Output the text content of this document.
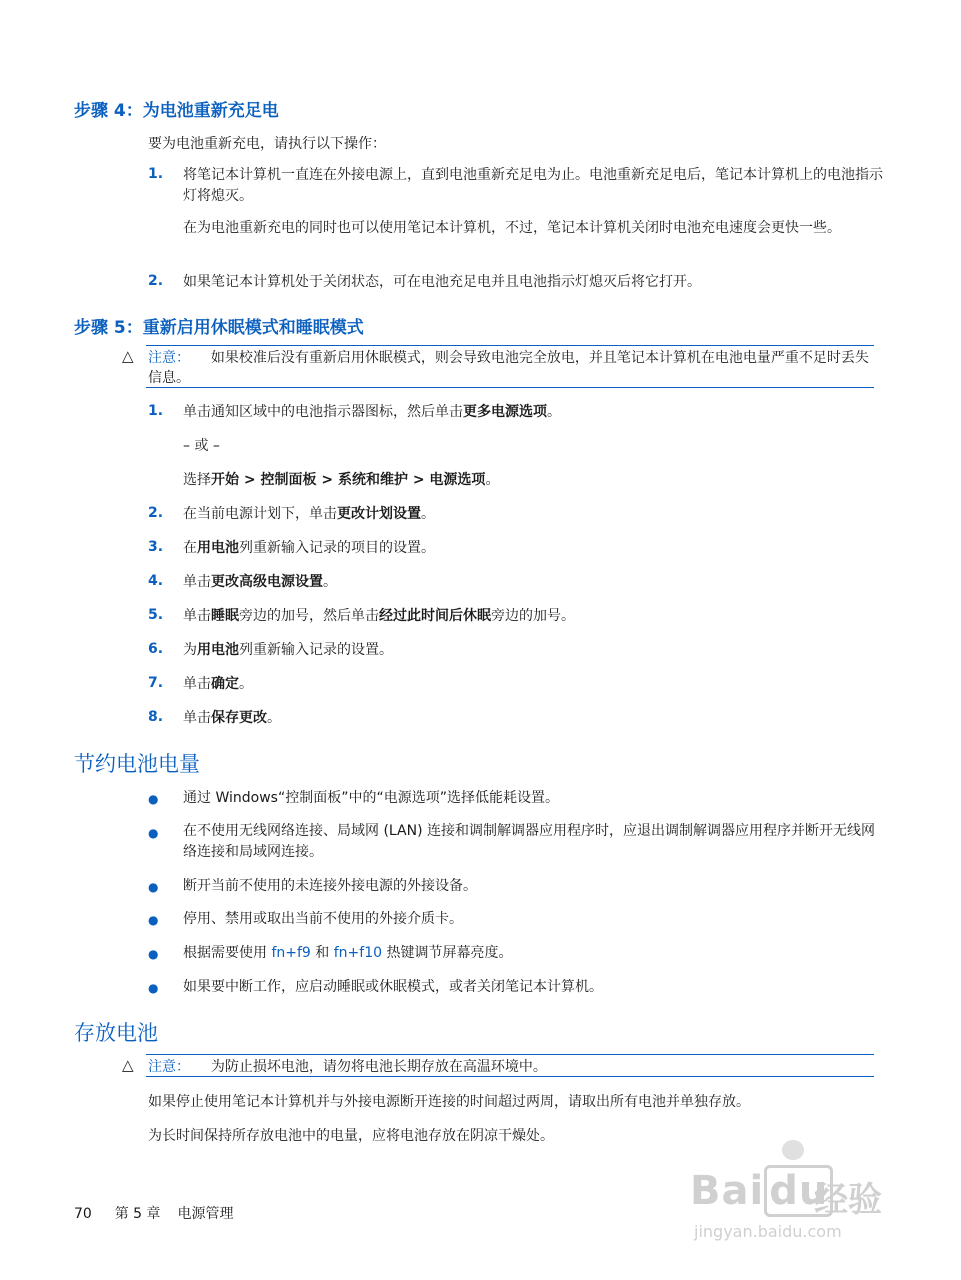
步骤 4：为电池重新充足电
要为电池重新充电，请执行以下操作：
1. 将笔记本计算机一直连在外接电源上，直到电池重新充足电为止。电池重新充足电后，笔记本计算机上的电池指示灯将熄灭。
在为电池重新充电的同时也可以使用笔记本计算机，不过，笔记本计算机关闭时电池充电速度会更快一些。
2. 如果笔记本计算机处于关闭状态，可在电池充足电并且电池指示灯熄灭后将它打开。
步骤 5：重新启用休眠模式和睡眠模式
△ 注意： 如果校准后没有重新启用休眠模式，则会导致电池完全放电，并且笔记本计算机在电池电量严重不足时丢失信息。
1. 单击通知区域中的电池指示器图标，然后单击更多电源选项。
– 或 –
选择开始 > 控制面板 > 系统和维护 > 电源选项。
2. 在当前电源计划下，单击更改计划设置。
3. 在用电池列重新输入记录的项目的设置。
4. 单击更改高级电源设置。
5. 单击睡眠旁边的加号，然后单击经过此时间后休眠旁边的加号。
6. 为用电池列重新输入记录的设置。
7. 单击确定。
8. 单击保存更改。
节约电池电量
● 通过 Windows“控制面板”中的“电源选项”选择低能耗设置。
● 在不使用无线网络连接、局域网 (LAN) 连接和调制解调器应用程序时，应退出调制解调器应用程序并断开无线网络连接和局域网连接。
● 断开当前不使用的未连接外接电源的外接设备。
● 停用、禁用或取出当前不使用的外接介质卡。
● 根据需要使用 fn+f9 和 fn+f10 热键调节屏幕亮度。
● 如果要中断工作，应启动睡眠或休眠模式，或者关闭笔记本计算机。
存放电池
△ 注意： 为防止损坏电池，请勿将电池长期存放在高温环境中。
如果停止使用笔记本计算机并与外接电源断开连接的时间超过两周，请取出所有电池并单独存放。
为长时间保持所存放电池中的电量，应将电池存放在阴凉干燥处。
Bai du
经验
jingyan.baidu.com
70 第 5 章 电源管理
